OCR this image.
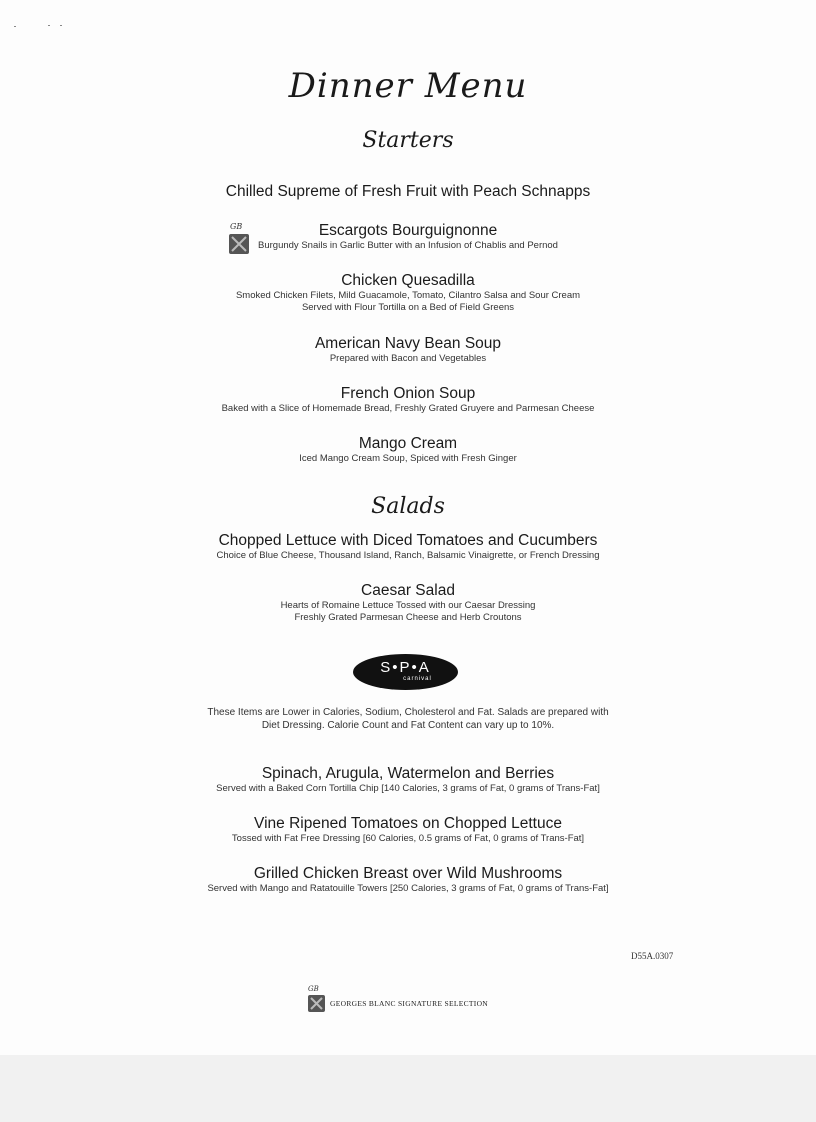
Dinner Menu
Starters
Chilled Supreme of Fresh Fruit with Peach Schnapps
GB	Escargots Bourguignonne
Burgundy Snails in Garlic Butter with an Infusion of Chablis and Pernod
Chicken Quesadilla
Smoked Chicken Filets, Mild Guacamole, Tomato, Cilantro Salsa and Sour Cream
Served with Flour Tortilla on a Bed of Field Greens
American Navy Bean Soup
Prepared with Bacon and Vegetables
French Onion Soup
Baked with a Slice of Homemade Bread, Freshly Grated Gruyere and Parmesan Cheese
Mango Cream
Iced Mango Cream Soup, Spiced with Fresh Ginger
Salads
Chopped Lettuce with Diced Tomatoes and Cucumbers
Choice of Blue Cheese, Thousand Island, Ranch, Balsamic Vinaigrette, or French Dressing
Caesar Salad
Hearts of Romaine Lettuce Tossed with our Caesar Dressing
Freshly Grated Parmesan Cheese and Herb Croutons
S•P•A
carnival
These Items are Lower in Calories, Sodium, Cholesterol and Fat. Salads are prepared with
Diet Dressing. Calorie Count and Fat Content can vary up to 10%.
Spinach, Arugula, Watermelon and Berries
Served with a Baked Corn Tortilla Chip [140 Calories, 3 grams of Fat, 0 grams of Trans-Fat]
Vine Ripened Tomatoes on Chopped Lettuce
Tossed with Fat Free Dressing [60 Calories, 0.5 grams of Fat, 0 grams of Trans-Fat]
Grilled Chicken Breast over Wild Mushrooms
Served with Mango and Ratatouille Towers [250 Calories, 3 grams of Fat, 0 grams of Trans-Fat]
D55A.0307
GB
GEORGES BLANC SIGNATURE SELECTION
